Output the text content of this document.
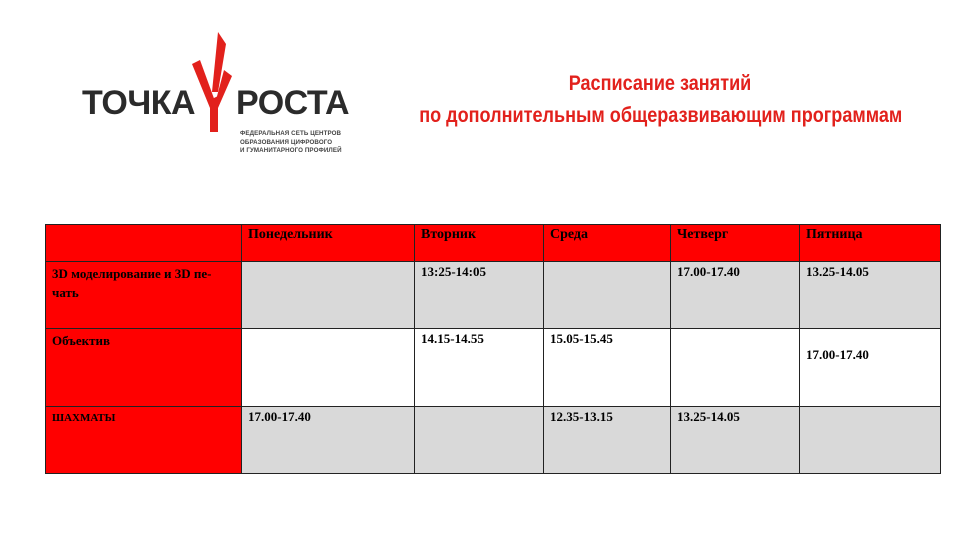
ТОЧКА РОСТА
ФЕДЕРАЛЬНАЯ СЕТЬ ЦЕНТРОВ
ОБРАЗОВАНИЯ ЦИФРОВОГО
И ГУМАНИТАРНОГО ПРОФИЛЕЙ
Расписание занятий
по дополнительным общеразвивающим программам
	Понедельник	Вторник	Среда	Четверг	Пятница
3D моделирование и 3D пе-чать		13:25-14:05		17.00-17.40	13.25-14.05
Объектив		14.15-14.55	15.05-15.45		17.00-17.40
ШАХМАТЫ	17.00-17.40		12.35-13.15	13.25-14.05	
